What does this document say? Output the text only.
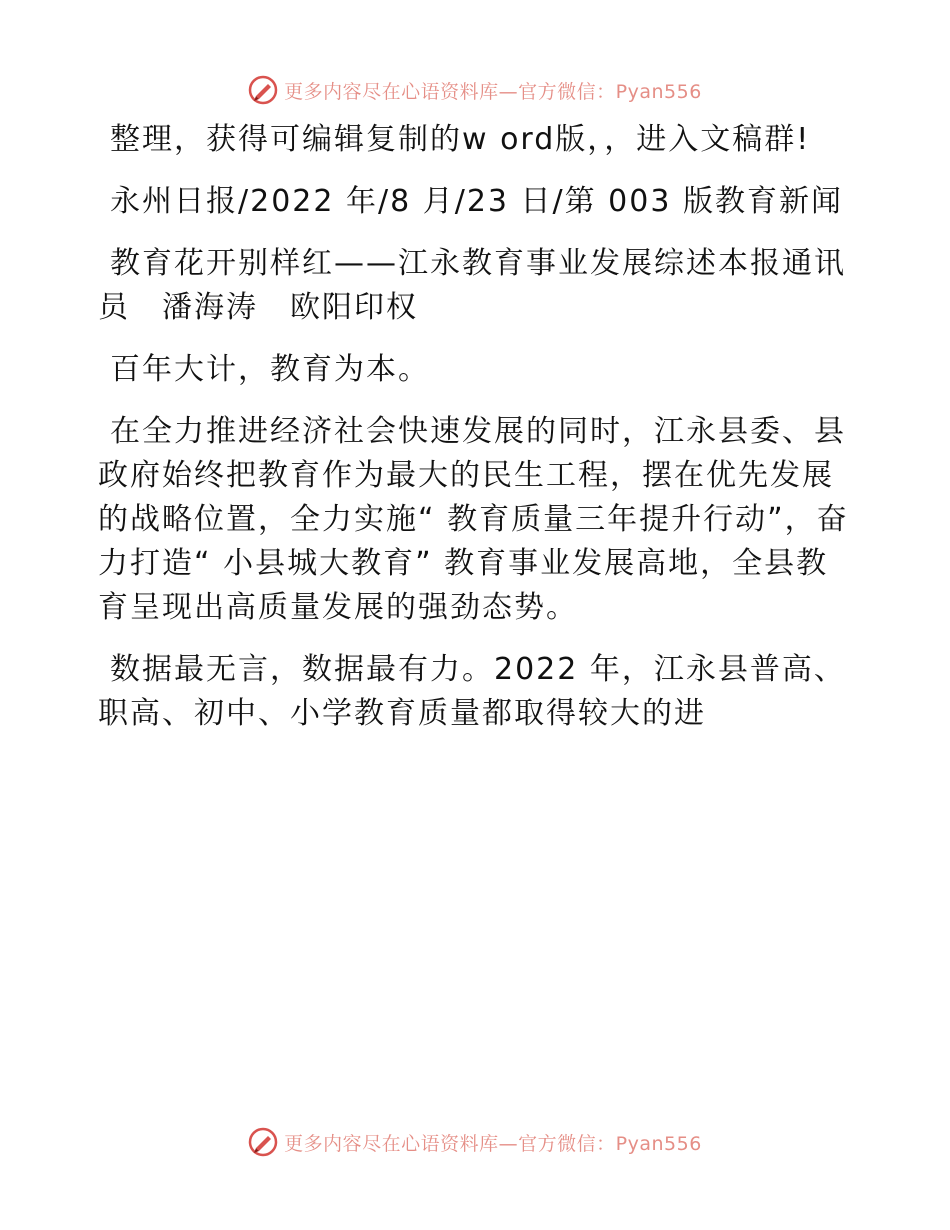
更多内容尽在心语资料库—官方微信：Pyan556

整理，获得可编辑复制的w ord版，，进入文稿群!

永州日报/2022 年/8 月/23 日/第 003 版教育新闻

教育花开别样红——江永教育事业发展综述本报通讯员　潘海涛　欧阳印权

百年大计，教育为本。

在全力推进经济社会快速发展的同时，江永县委、县政府始终把教育作为最大的民生工程，摆在优先发展的战略位置，全力实施“ 教育质量三年提升行动”，奋力打造“ 小县城大教育” 教育事业发展高地，全县教育呈现出高质量发展的强劲态势。

数据最无言，数据最有力。2022 年，江永县普高、职高、初中、小学教育质量都取得较大的进

更多内容尽在心语资料库—官方微信：Pyan556
